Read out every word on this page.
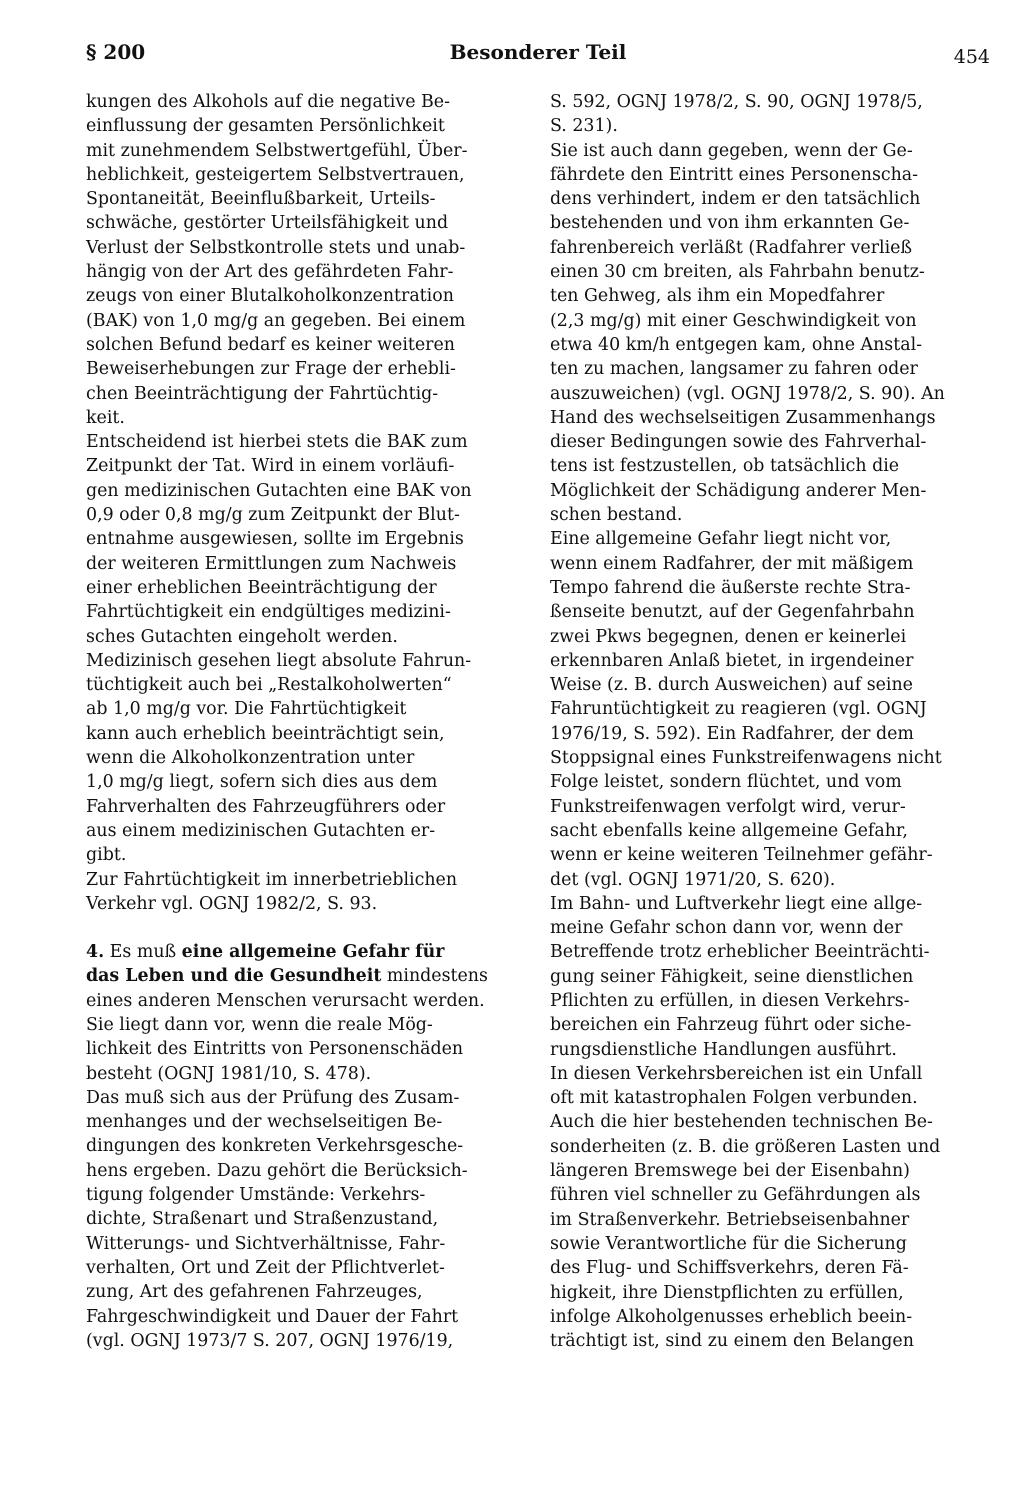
§ 200	Besonderer Teil	454

kungen des Alkohols auf die negative Be-
einflussung der gesamten Persönlichkeit
mit zunehmendem Selbstwertgefühl, Über-
heblichkeit, gesteigertem Selbstvertrauen,
Spontaneität, Beeinflußbarkeit, Urteils-
schwäche, gestörter Urteilsfähigkeit und
Verlust der Selbstkontrolle stets und unab-
hängig von der Art des gefährdeten Fahr-
zeugs von einer Blutalkoholkonzentration
(BAK) von 1,0 mg/g an gegeben. Bei einem
solchen Befund bedarf es keiner weiteren
Beweiserhebungen zur Frage der erhebli-
chen Beeinträchtigung der Fahrtüchtig-
keit.

Entscheidend ist hierbei stets die BAK zum
Zeitpunkt der Tat. Wird in einem vorläufi-
gen medizinischen Gutachten eine BAK von
0,9 oder 0,8 mg/g zum Zeitpunkt der Blut-
entnahme ausgewiesen, sollte im Ergebnis
der weiteren Ermittlungen zum Nachweis
einer erheblichen Beeinträchtigung der
Fahrtüchtigkeit ein endgültiges medizini-
sches Gutachten eingeholt werden.

Medizinisch gesehen liegt absolute Fahrun-
tüchtigkeit auch bei „Restalkoholwerten“
ab 1,0 mg/g vor. Die Fahrtüchtigkeit
kann auch erheblich beeinträchtigt sein,
wenn die Alkoholkonzentration unter
1,0 mg/g liegt, sofern sich dies aus dem
Fahrverhalten des Fahrzeugführers oder
aus einem medizinischen Gutachten er-
gibt.

Zur Fahrtüchtigkeit im innerbetrieblichen
Verkehr vgl. OGNJ 1982/2, S. 93.

4. Es muß eine allgemeine Gefahr für
das Leben und die Gesundheit mindestens
eines anderen Menschen verursacht werden.
Sie liegt dann vor, wenn die reale Mög-
lichkeit des Eintritts von Personenschäden
besteht (OGNJ 1981/10, S. 478).

Das muß sich aus der Prüfung des Zusam-
menhanges und der wechselseitigen Be-
dingungen des konkreten Verkehrsgesche-
hens ergeben. Dazu gehört die Berücksich-
tigung folgender Umstände: Verkehrs-
dichte, Straßenart und Straßenzustand,
Witterungs- und Sichtverhältnisse, Fahr-
verhalten, Ort und Zeit der Pflichtverlet-
zung, Art des gefahrenen Fahrzeuges,
Fahrgeschwindigkeit und Dauer der Fahrt
(vgl. OGNJ 1973/7 S. 207, OGNJ 1976/19,

S. 592, OGNJ 1978/2, S. 90, OGNJ 1978/5,
S. 231).

Sie ist auch dann gegeben, wenn der Ge-
fährdete den Eintritt eines Personenscha-
dens verhindert, indem er den tatsächlich
bestehenden und von ihm erkannten Ge-
fahrenbereich verläßt (Radfahrer verließ
einen 30 cm breiten, als Fahrbahn benutz-
ten Gehweg, als ihm ein Mopedfahrer
(2,3 mg/g) mit einer Geschwindigkeit von
etwa 40 km/h entgegen kam, ohne Anstal-
ten zu machen, langsamer zu fahren oder
auszuweichen) (vgl. OGNJ 1978/2, S. 90). An
Hand des wechselseitigen Zusammenhangs
dieser Bedingungen sowie des Fahrverhal-
tens ist festzustellen, ob tatsächlich die
Möglichkeit der Schädigung anderer Men-
schen bestand.

Eine allgemeine Gefahr liegt nicht vor,
wenn einem Radfahrer, der mit mäßigem
Tempo fahrend die äußerste rechte Stra-
ßenseite benutzt, auf der Gegenfahrbahn
zwei Pkws begegnen, denen er keinerlei
erkennbaren Anlaß bietet, in irgendeiner
Weise (z. B. durch Ausweichen) auf seine
Fahruntüchtigkeit zu reagieren (vgl. OGNJ
1976/19, S. 592). Ein Radfahrer, der dem
Stoppsignal eines Funkstreifenwagens nicht
Folge leistet, sondern flüchtet, und vom
Funkstreifenwagen verfolgt wird, verur-
sacht ebenfalls keine allgemeine Gefahr,
wenn er keine weiteren Teilnehmer gefähr-
det (vgl. OGNJ 1971/20, S. 620).

Im Bahn- und Luftverkehr liegt eine allge-
meine Gefahr schon dann vor, wenn der
Betreffende trotz erheblicher Beeinträchti-
gung seiner Fähigkeit, seine dienstlichen
Pflichten zu erfüllen, in diesen Verkehrs-
bereichen ein Fahrzeug führt oder siche-
rungsdienstliche Handlungen ausführt.

In diesen Verkehrsbereichen ist ein Unfall
oft mit katastrophalen Folgen verbunden.
Auch die hier bestehenden technischen Be-
sonderheiten (z. B. die größeren Lasten und
längeren Bremswege bei der Eisenbahn)
führen viel schneller zu Gefährdungen als
im Straßenverkehr. Betriebseisenbahner
sowie Verantwortliche für die Sicherung
des Flug- und Schiffsverkehrs, deren Fä-
higkeit, ihre Dienstpflichten zu erfüllen,
infolge Alkoholgenusses erheblich beein-
trächtigt ist, sind zu einem den Belangen
